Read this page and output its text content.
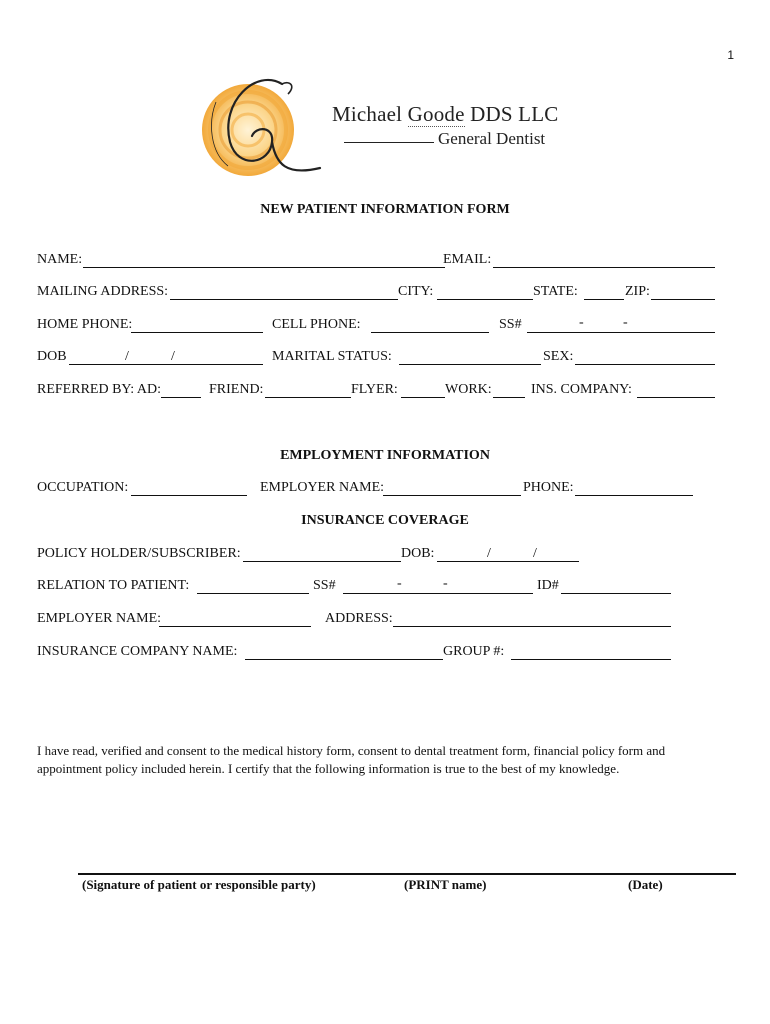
1
Michael Goode DDS LLC
General Dentist
NEW PATIENT INFORMATION FORM
NAME:	EMAIL:
MAILING ADDRESS:	CITY:	STATE:	ZIP:
HOME PHONE:	CELL PHONE:	SS#	-	-
DOB	/	/	MARITAL STATUS:	SEX:
REFERRED BY: AD:	FRIEND:	FLYER:	WORK:	INS. COMPANY:
EMPLOYMENT INFORMATION
OCCUPATION:	EMPLOYER NAME:	PHONE:
INSURANCE COVERAGE
POLICY HOLDER/SUBSCRIBER:	DOB:	/	/
RELATION TO PATIENT:	SS#	-	-	ID#
EMPLOYER NAME:	ADDRESS:
INSURANCE COMPANY NAME:	GROUP #:
I have read, verified and consent to the medical history form, consent to dental treatment form, financial policy form and appointment policy included herein. I certify that the following information is true to the best of my knowledge.
(Signature of patient or responsible party)	(PRINT name)	(Date)
